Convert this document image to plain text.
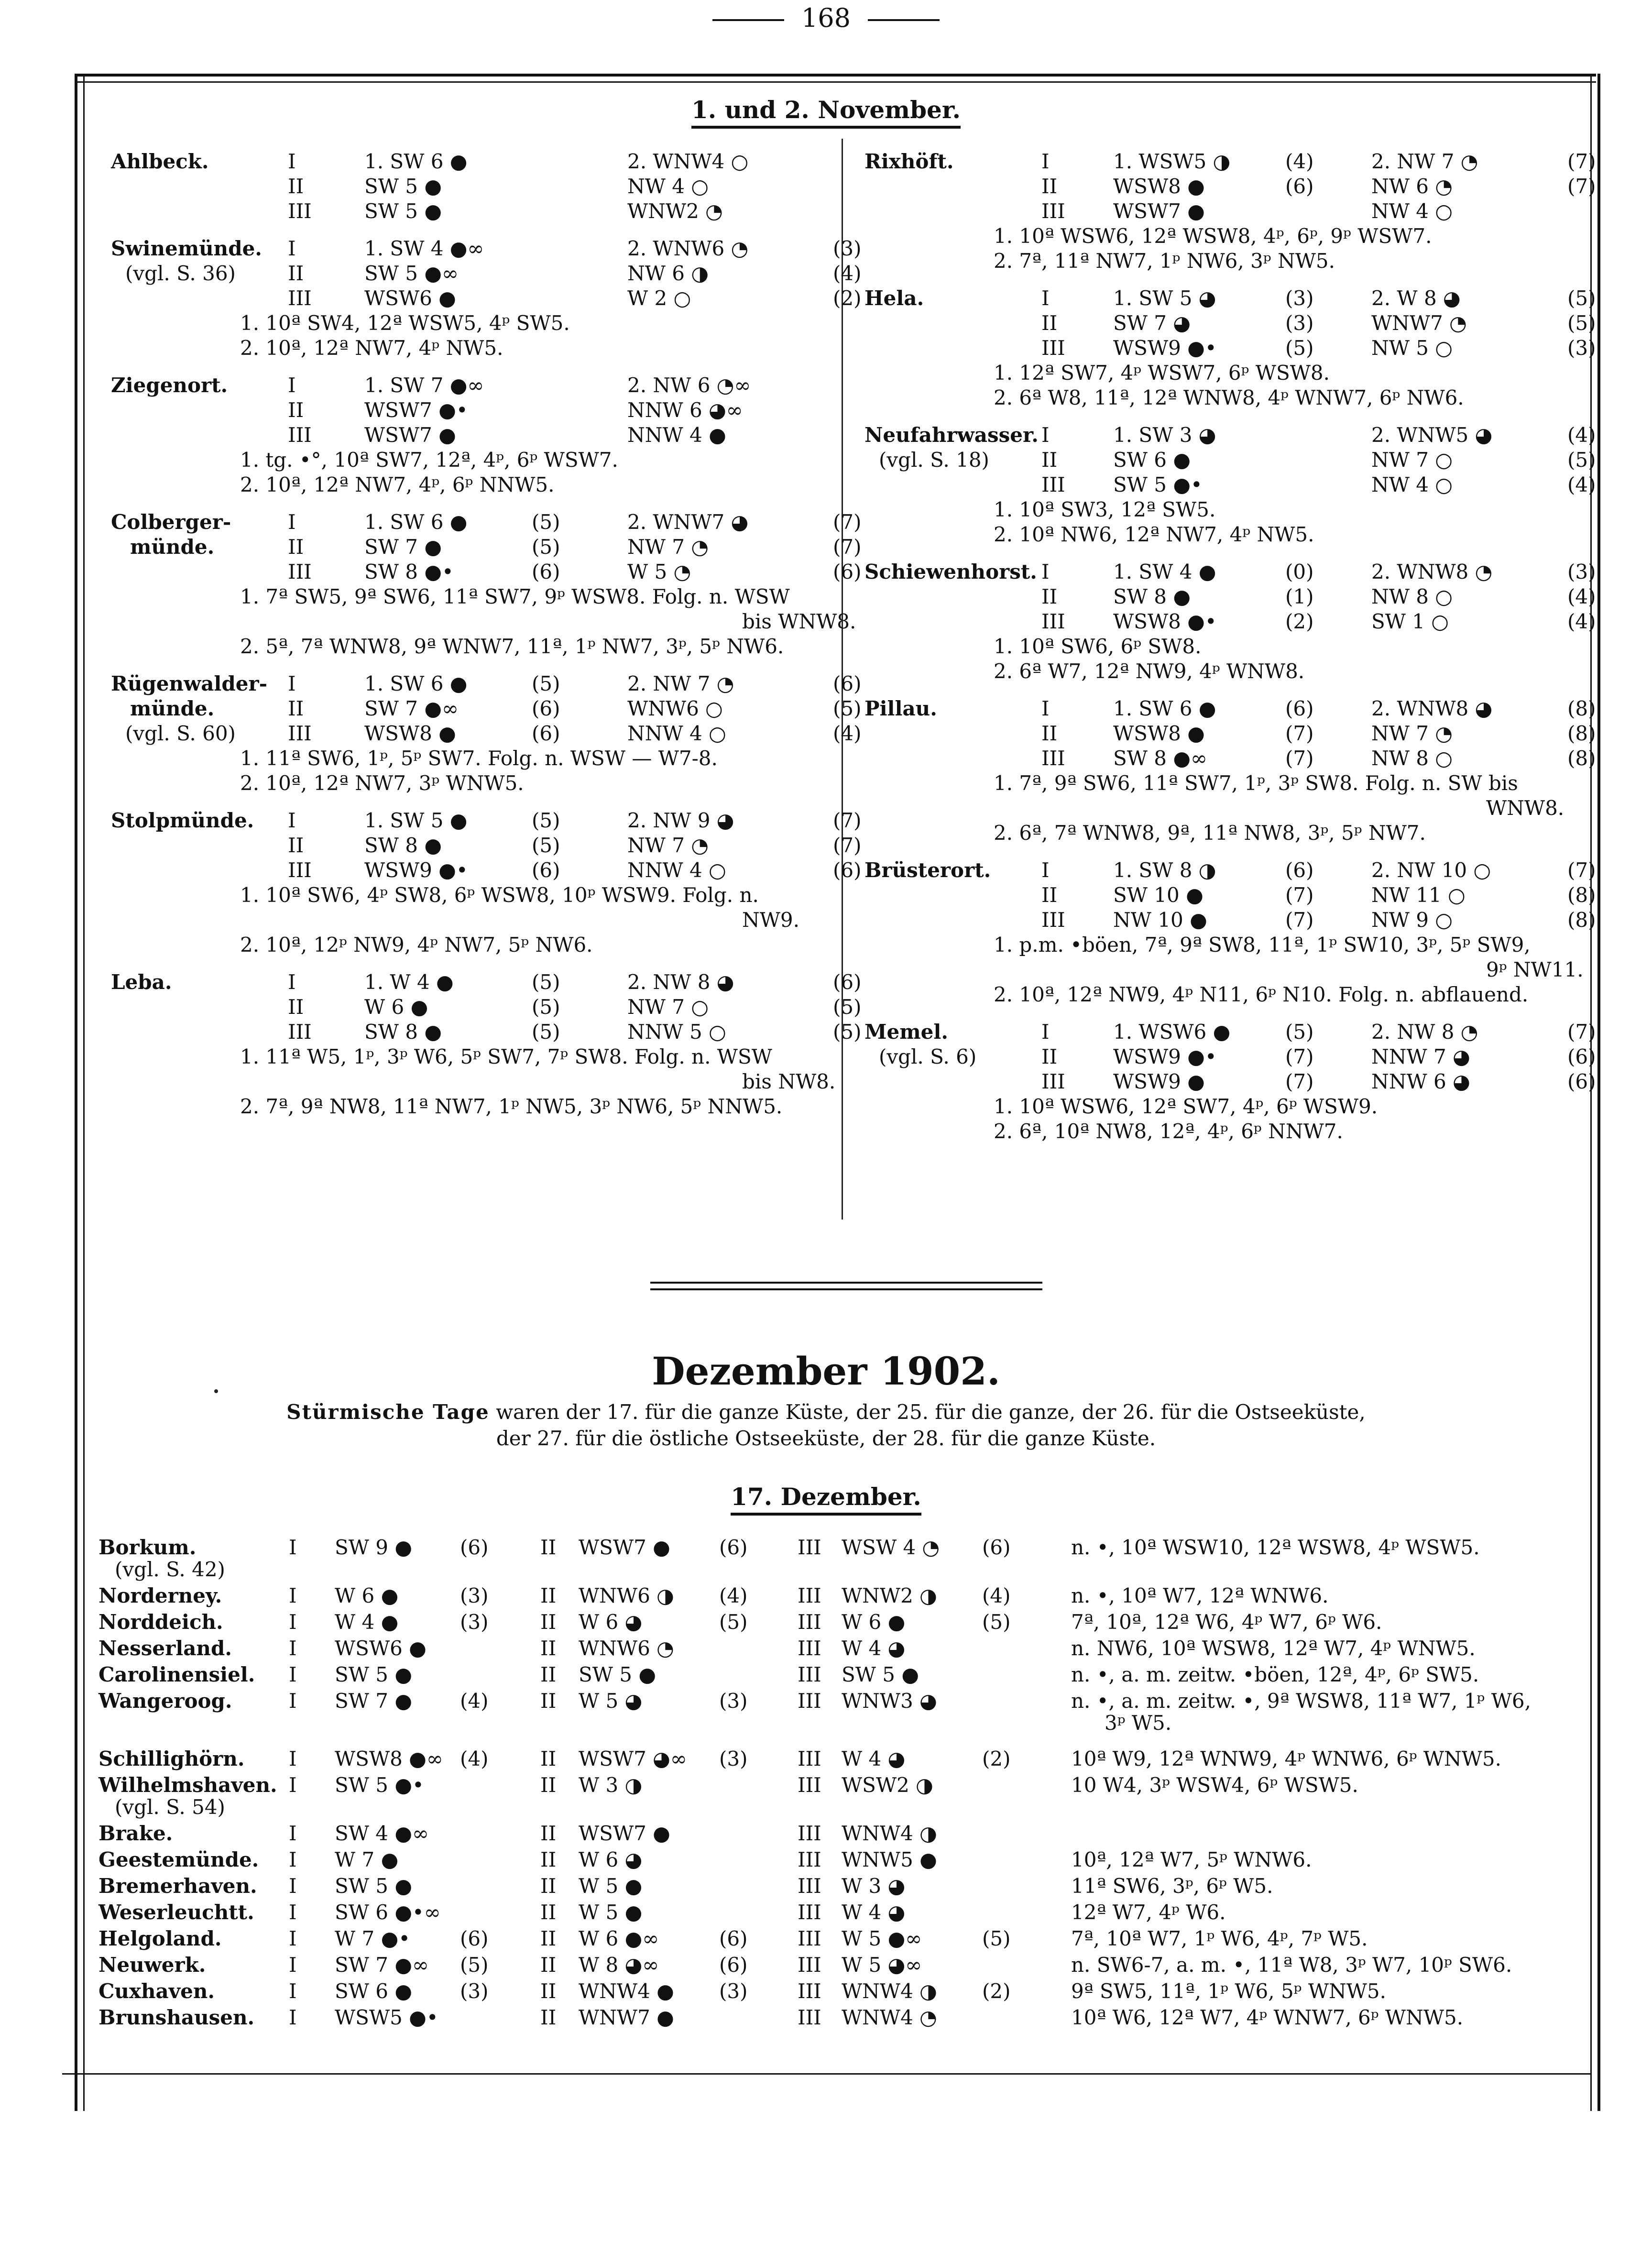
168
1. und 2. November.
Ahlbeck.	I	1. SW 6 ●	2. WNW4 ○
II	SW 5 ●	NW 4 ○
III	SW 5 ●	WNW2 ◔
Swinemünde.
(vgl. S. 36)
I	1. SW 4 ●∞	2. WNW6 ◔	(3)
II	SW 5 ●∞	NW 6 ◑	(4)
III	WSW6 ●	W 2 ○	(2)
1. 10ª SW4, 12ª WSW5, 4ᵖ SW5.
2. 10ª, 12ª NW7, 4ᵖ NW5.
Ziegenort.	I	1. SW 7 ●∞	2. NW 6 ◔∞
II	WSW7 ●•	NNW 6 ◕∞
III	WSW7 ●	NNW 4 ●
1. tg. •°, 10ª SW7, 12ª, 4ᵖ, 6ᵖ WSW7.
2. 10ª, 12ª NW7, 4ᵖ, 6ᵖ NNW5.
Colberger-
münde.
I	1. SW 6 ●	(5)	2. WNW7 ◕	(7)
II	SW 7 ●	(5)	NW 7 ◔	(7)
III	SW 8 ●•	(6)	W 5 ◔	(6)
1. 7ª SW5, 9ª SW6, 11ª SW7, 9ᵖ WSW8. Folg. n. WSW
bis WNW8.
2. 5ª, 7ª WNW8, 9ª WNW7, 11ª, 1ᵖ NW7, 3ᵖ, 5ᵖ NW6.
Rügenwalder-
münde.
(vgl. S. 60)
I	1. SW 6 ●	(5)	2. NW 7 ◔	(6)
II	SW 7 ●∞	(6)	WNW6 ○	(5)
III	WSW8 ●	(6)	NNW 4 ○	(4)
1. 11ª SW6, 1ᵖ, 5ᵖ SW7. Folg. n. WSW — W7-8.
2. 10ª, 12ª NW7, 3ᵖ WNW5.
Stolpmünde. I	1. SW 5 ●	(5)	2. NW 9 ◕	(7)
II	SW 8 ●	(5)	NW 7 ◔	(7)
III	WSW9 ●•	(6)	NNW 4 ○	(6)
1. 10ª SW6, 4ᵖ SW8, 6ᵖ WSW8, 10ᵖ WSW9. Folg. n.
NW9.
2. 10ª, 12ᵖ NW9, 4ᵖ NW7, 5ᵖ NW6.
Leba.	I	1. W 4 ●	(5)	2. NW 8 ◕	(6)
II	W 6 ●	(5)	NW 7 ○	(5)
III	SW 8 ●	(5)	NNW 5 ○	(5)
1. 11ª W5, 1ᵖ, 3ᵖ W6, 5ᵖ SW7, 7ᵖ SW8. Folg. n. WSW
bis NW8.
2. 7ª, 9ª NW8, 11ª NW7, 1ᵖ NW5, 3ᵖ NW6, 5ᵖ NNW5.
Rixhöft.	I	1. WSW5 ◑	(4)	2. NW 7 ◔	(7)
II	WSW8 ●	(6)	NW 6 ◔	(7)
III WSW7 ●	NW 4 ○
1. 10ª WSW6, 12ª WSW8, 4ᵖ, 6ᵖ, 9ᵖ WSW7.
2. 7ª, 11ª NW7, 1ᵖ NW6, 3ᵖ NW5.
Hela.	I	1. SW 5 ◕	(3)	2. W 8 ◕	(5)
II	SW 7 ◕	(3)	WNW7 ◔	(5)
III WSW9 ●•	(5)	NW 5 ○	(3)
1. 12ª SW7, 4ᵖ WSW7, 6ᵖ WSW8.
2. 6ª W8, 11ª, 12ª WNW8, 4ᵖ WNW7, 6ᵖ NW6.
Neufahrwasser.
(vgl. S. 18)
I	1. SW 3 ◕	2. WNW5 ◕	(4)
II	SW 6 ●	NW 7 ○	(5)
III SW 5 ●•	NW 4 ○	(4)
1. 10ª SW3, 12ª SW5.
2. 10ª NW6, 12ª NW7, 4ᵖ NW5.
Schiewenhorst. I	1. SW 4 ●	(0)	2. WNW8 ◔	(3)
II	SW 8 ●	(1)	NW 8 ○	(4)
III WSW8 ●•	(2)	SW 1 ○	(4)
1. 10ª SW6, 6ᵖ SW8.
2. 6ª W7, 12ª NW9, 4ᵖ WNW8.
Pillau.	I	1. SW 6 ●	(6)	2. WNW8 ◕	(8)
II	WSW8 ●	(7)	NW 7 ◔	(8)
III SW 8 ●∞	(7)	NW 8 ○	(8)
1. 7ª, 9ª SW6, 11ª SW7, 1ᵖ, 3ᵖ SW8. Folg. n. SW bis
WNW8.
2. 6ª, 7ª WNW8, 9ª, 11ª NW8, 3ᵖ, 5ᵖ NW7.
Brüsterort.	I	1. SW 8 ◑	(6)	2. NW 10 ○	(7)
II	SW 10 ●	(7)	NW 11 ○	(8)
III NW 10 ●	(7)	NW 9 ○	(8)
1. p.m. •böen, 7ª, 9ª SW8, 11ª, 1ᵖ SW10, 3ᵖ, 5ᵖ SW9,
9ᵖ NW11.
2. 10ª, 12ª NW9, 4ᵖ N11, 6ᵖ N10. Folg. n. abflauend.
Memel.
(vgl. S. 6)
I	1. WSW6 ●	(5)	2. NW 8 ◔	(7)
II	WSW9 ●•	(7)	NNW 7 ◕	(6)
III WSW9 ●	(7)	NNW 6 ◕	(6)
1. 10ª WSW6, 12ª SW7, 4ᵖ, 6ᵖ WSW9.
2. 6ª, 10ª NW8, 12ª, 4ᵖ, 6ᵖ NNW7.
Dezember 1902.
Stürmische Tage waren der 17. für die ganze Küste, der 25. für die ganze, der 26. für die Ostseeküste,
der 27. für die östliche Ostseeküste, der 28. für die ganze Küste.
17. Dezember.
Borkum.	I SW 9 ● (6)	II WSW7 ● (6) III WSW 4 ◔ (6)	n. •, 10ª WSW10, 12ª WSW8, 4ᵖ WSW5.
(vgl. S. 42)
Norderney.	I W 6 ●	(3)	II WNW6 ◑ (4) III WNW2 ◑ (4)	n. •, 10ª W7, 12ª WNW6.
Norddeich.	I W 4 ●	(3)	II W 6 ◕	(5) III W 6 ●	(5)	7ª, 10ª, 12ª W6, 4ᵖ W7, 6ᵖ W6.
Nesserland.	I WSW6 ●	II WNW6 ◔	III W 4 ◕	n. NW6, 10ª WSW8, 12ª W7, 4ᵖ WNW5.
Carolinensiel. I SW 5 ●	II SW 5 ●	III SW 5 ●	n. •, a. m. zeitw. •böen, 12ª, 4ᵖ, 6ᵖ SW5.
Wangeroog.	I SW 7 ● (4)	II W 5 ◕	(3) III WNW3 ◕	n. •, a. m. zeitw. •, 9ª WSW8, 11ª W7, 1ᵖ W6,
3ᵖ W5.
Schillighörn. I WSW8 ●∞ (4)	II WSW7 ◕∞ (3) III W 4 ◕	(2)	10ª W9, 12ª WNW9, 4ᵖ WNW6, 6ᵖ WNW5.
Wilhelmshaven. I SW 5 ●•	II W 3 ◑	III WSW2 ◑	10 W4, 3ᵖ WSW4, 6ᵖ WSW5.
(vgl. S. 54)
Brake.	I SW 4 ●∞	II WSW7 ●	III WNW4 ◑
Geestemünde. I W 7 ●	II W 6 ◕	III WNW5 ●	10ª, 12ª W7, 5ᵖ WNW6.
Bremerhaven. I SW 5 ●	II W 5 ●	III W 3 ◕	11ª SW6, 3ᵖ, 6ᵖ W5.
Weserleuchtt. I SW 6 ●•∞	II W 5 ●	III W 4 ◕	12ª W7, 4ᵖ W6.
Helgoland.	I W 7 ●• (6)	II W 6 ●∞	(6) III W 5 ●∞	(5)	7ª, 10ª W7, 1ᵖ W6, 4ᵖ, 7ᵖ W5.
Neuwerk.	I SW 7 ●∞ (5)	II W 8 ◕∞	(6) III W 5 ◕∞	n. SW6-7, a. m. •, 11ª W8, 3ᵖ W7, 10ᵖ SW6.
Cuxhaven.	I SW 6 ● (3)	II WNW4 ● (3) III WNW4 ◑ (2)	9ª SW5, 11ª, 1ᵖ W6, 5ᵖ WNW5.
Brunshausen. I WSW5 ●•	II WNW7 ●	III WNW4 ◔	10ª W6, 12ª W7, 4ᵖ WNW7, 6ᵖ WNW5.
